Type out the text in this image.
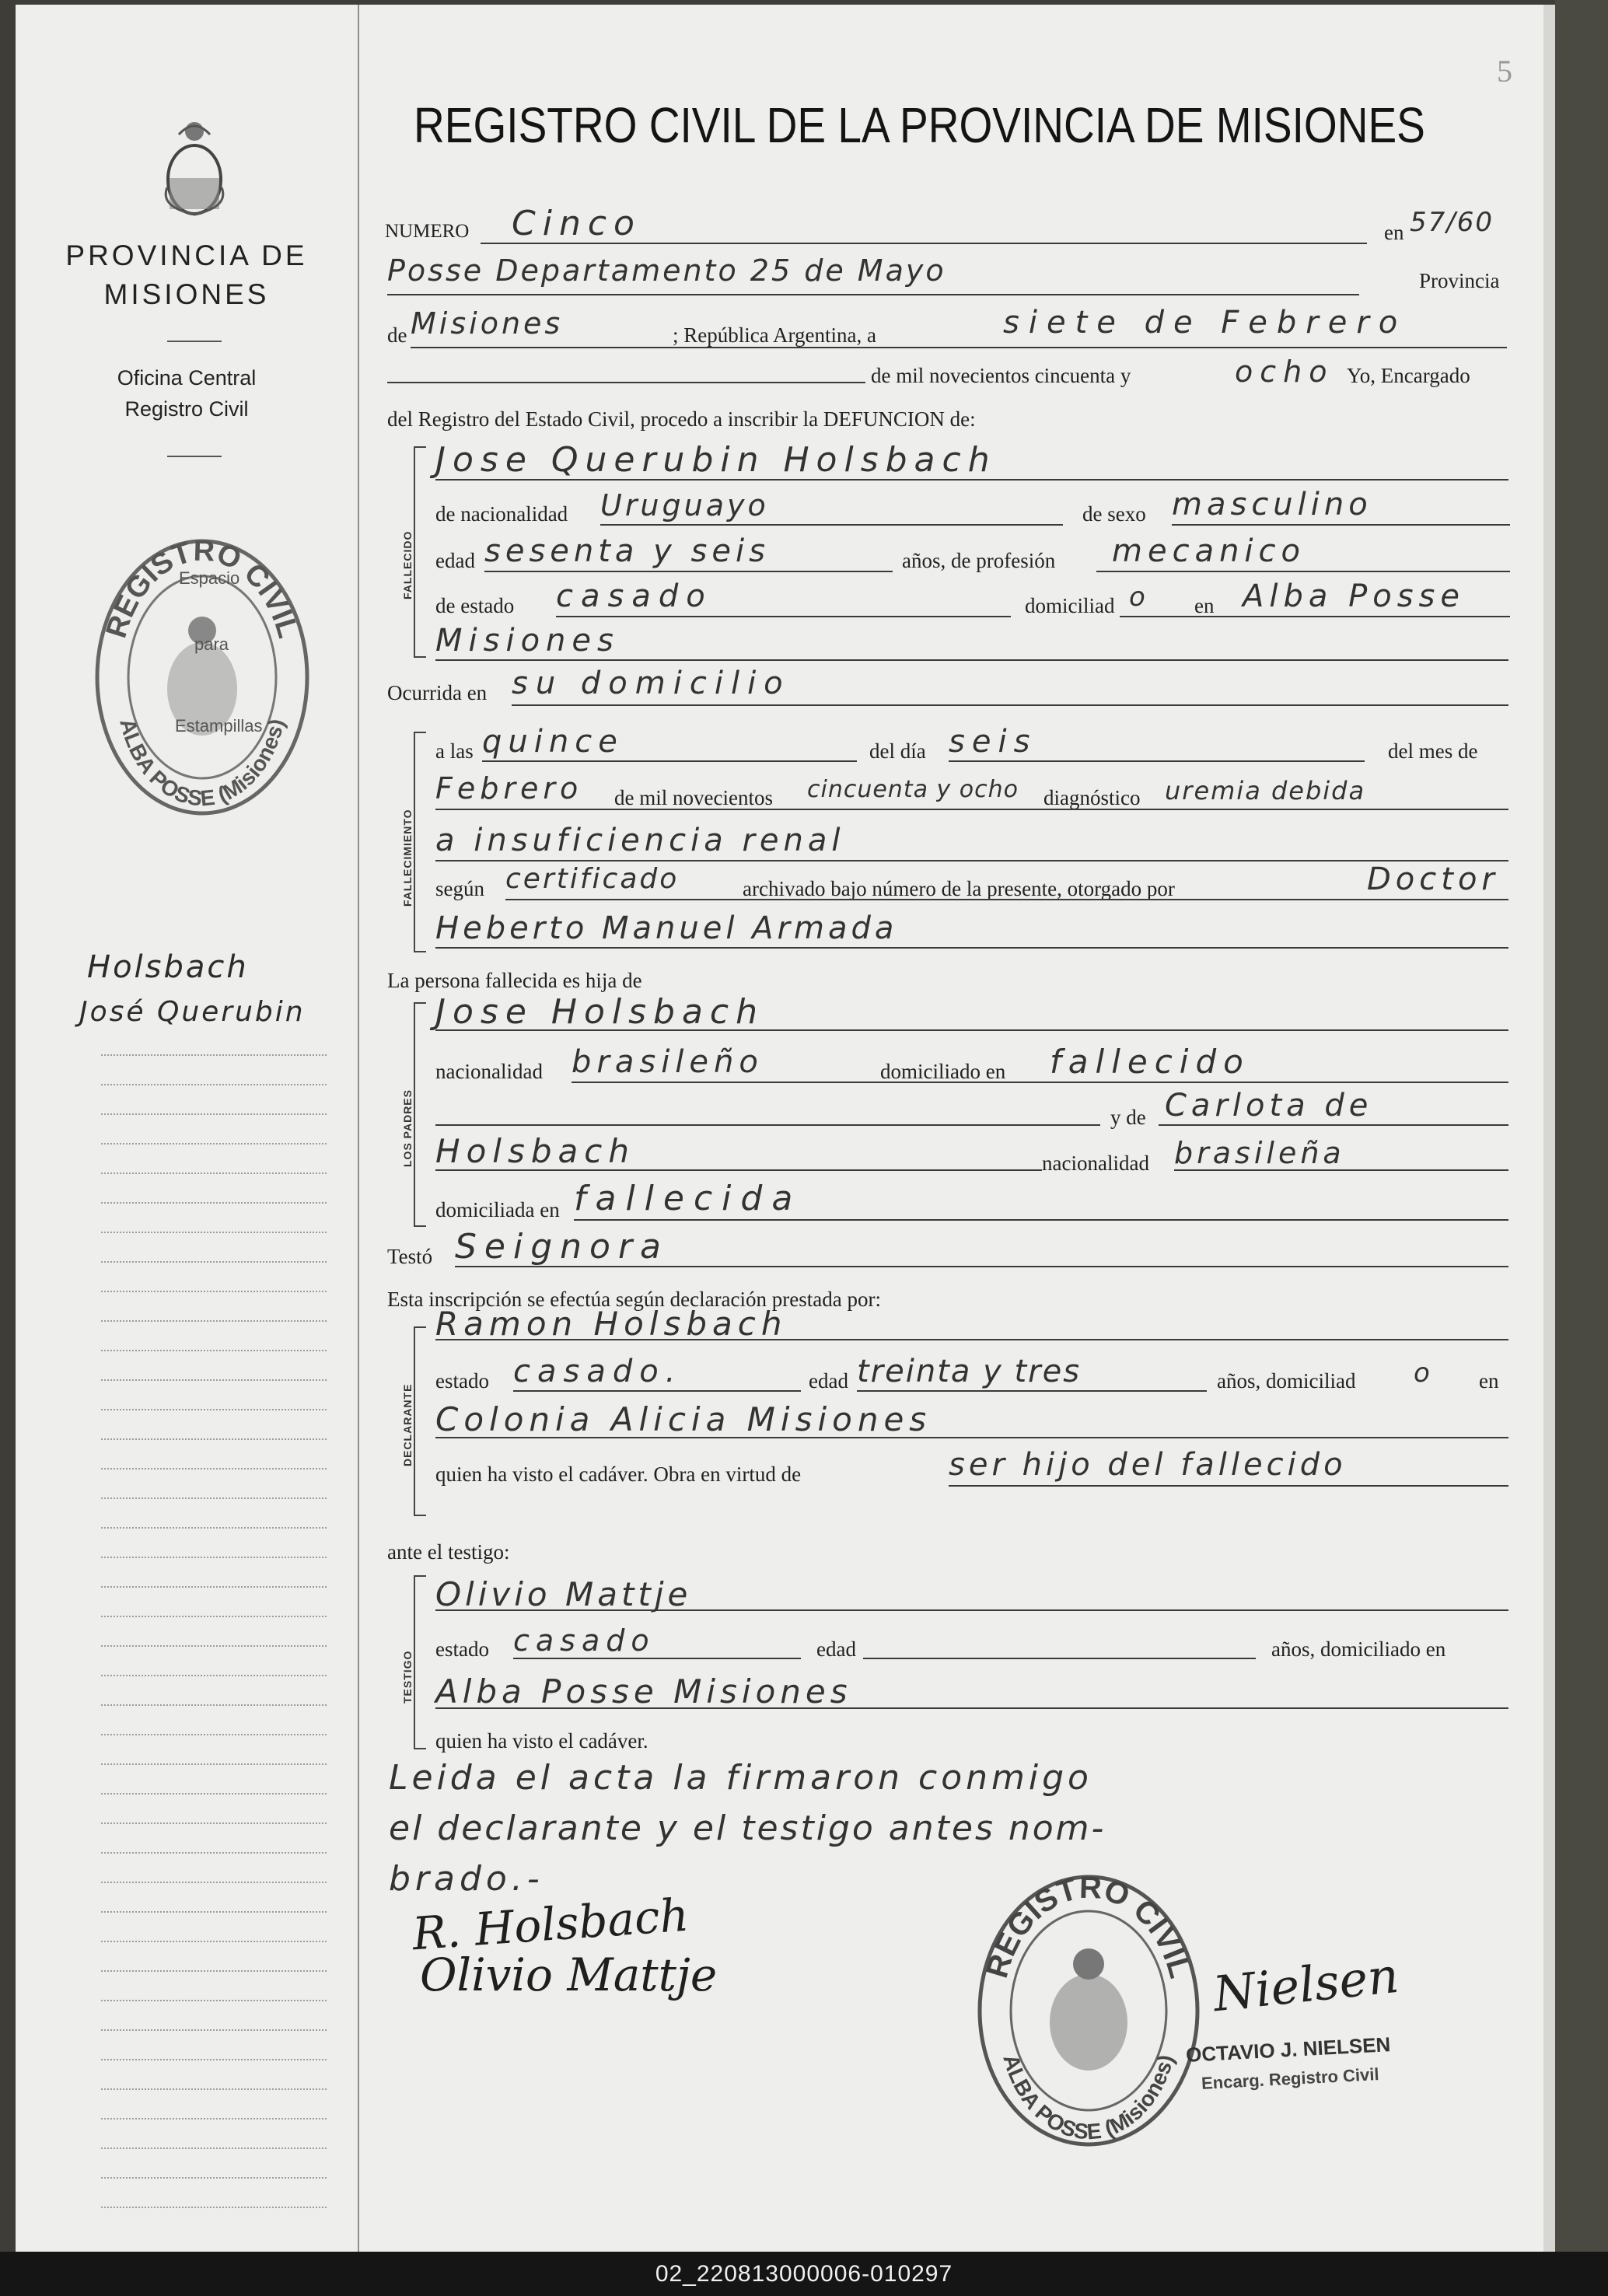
PROVINCIA DE
MISIONES
Oficina Central
Registro Civil
REGISTRO CIVIL
ALBA POSSE (Misiones)
Espacio
para
Estampillas
Holsbach
José Querubin
5
REGISTRO CIVIL DE LA PROVINCIA DE MISIONES
NUMERO Cinco	en 57/60
Posse Departamento 25 de Mayo	Provincia
de Misiones	; República Argentina, a	siete de Febrero
de mil novecientos cincuenta y	ocho Yo, Encargado
del Registro del Estado Civil, procedo a inscribir la DEFUNCION de:
FALLECIDO
Jose Querubin Holsbach
de nacionalidad Uruguayo	de sexo masculino
edad sesenta y seis	años, de profesión mecanico
de estado casado	domiciliad o en Alba Posse
Misiones
Ocurrida en su domicilio
FALLECIMIENTO
a las quince	del día seis	del mes de
Febrero de mil novecientos cincuenta y ocho diagnóstico uremia debida
a insuficiencia renal
según certificado	archivado bajo número de la presente, otorgado por	Doctor
Heberto Manuel Armada
La persona fallecida es hija de
LOS PADRES
Jose Holsbach
nacionalidad brasileño	domiciliado en fallecido
y de Carlota de
Holsbach	nacionalidad brasileña
domiciliada en fallecida
Testó Seignora
Esta inscripción se efectúa según declaración prestada por:
DECLARANTE
Ramon Holsbach
estado casado.	edad treinta y tres	años, domiciliad o en
Colonia Alicia Misiones
quien ha visto el cadáver. Obra en virtud de	ser hijo del fallecido
ante el testigo:
TESTIGO
Olivio Mattje
estado casado	edad	años, domiciliado en
Alba Posse Misiones
quien ha visto el cadáver.
Leida el acta la firmaron conmigo
el declarante y el testigo antes nom-
brado.-
R. Holsbach
Olivio Mattje	REGISTRO CIVIL
ALBA POSSE (Misiones)
Nielsen
OCTAVIO J. NIELSEN
Encarg. Registro Civil
02_220813000006-010297
